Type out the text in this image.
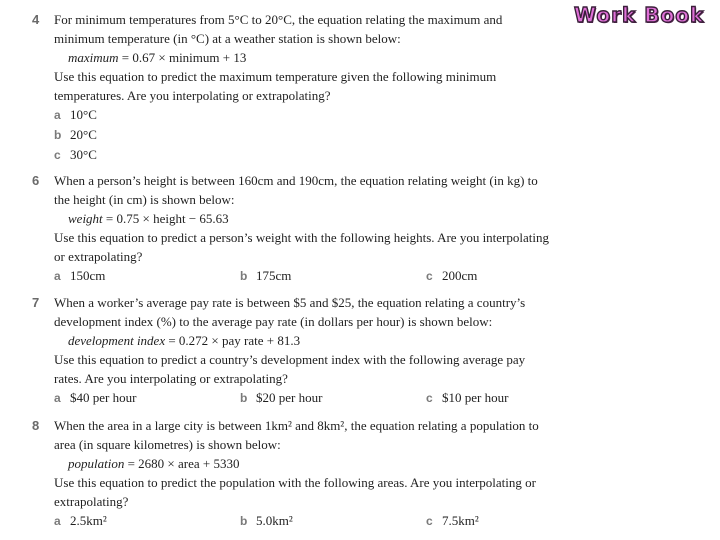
Work Book
4 For minimum temperatures from 5°C to 20°C, the equation relating the maximum and
minimum temperature (in °C) at a weather station is shown below:
maximum = 0.67 × minimum + 13
Use this equation to predict the maximum temperature given the following minimum
temperatures. Are you interpolating or extrapolating?
a 10°C
b 20°C
c 30°C
6 When a person’s height is between 160cm and 190cm, the equation relating weight (in kg) to
the height (in cm) is shown below:
weight = 0.75 × height − 65.63
Use this equation to predict a person’s weight with the following heights. Are you interpolating
or extrapolating?
a 150cm	b 175cm	c 200cm
7 When a worker’s average pay rate is between $5 and $25, the equation relating a country’s
development index (%) to the average pay rate (in dollars per hour) is shown below:
development index = 0.272 × pay rate + 81.3
Use this equation to predict a country’s development index with the following average pay
rates. Are you interpolating or extrapolating?
a $40 per hour	b $20 per hour	c $10 per hour
8 When the area in a large city is between 1km² and 8km², the equation relating a population to
area (in square kilometres) is shown below:
population = 2680 × area + 5330
Use this equation to predict the population with the following areas. Are you interpolating or
extrapolating?
a 2.5km²	b 5.0km²	c 7.5km²
